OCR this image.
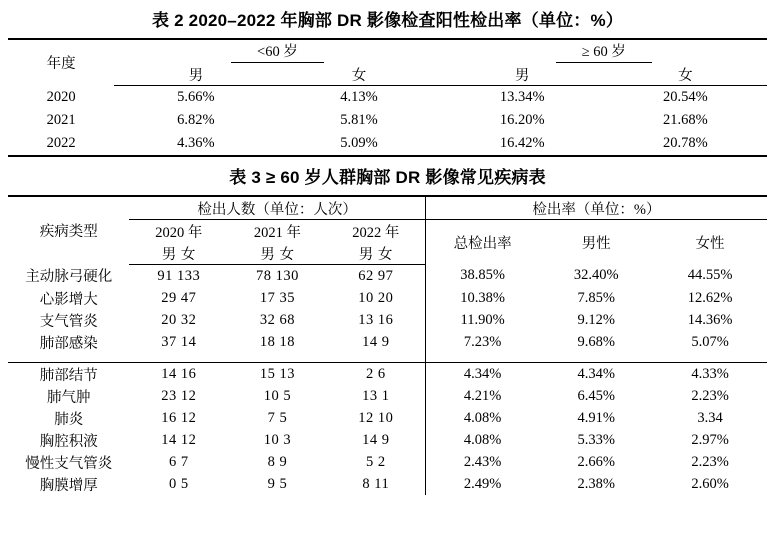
表 2 2020–2022 年胸部 DR 影像检查阳性检出率（单位：%）
年度	<60 岁		≥ 60 岁	
	男	女	男	女
2020	5.66%	4.13%	13.34%	20.54%
2021	6.82%	5.81%	16.20%	21.68%
2022	4.36%	5.09%	16.42%	20.78%
表 3 ≥ 60 岁人群胸部 DR 影像常见疾病表
疾病类型	检出人数（单位：人次）			检出率（单位：%）		
	2020 年	2021 年	2022 年	总检出率	男性	女性
	男 女	男 女	男 女			
主动脉弓硬化	91 133	78 130	62 97	38.85%	32.40%	44.55%
心影增大	29 47	17 35	10 20	10.38%	7.85%	12.62%
支气管炎	20 32	32 68	13 16	11.90%	9.12%	14.36%
肺部感染	37 14	18 18	14 9	7.23%	9.68%	5.07%

肺部结节	14 16	15 13	2 6	4.34%	4.34%	4.33%
肺气肿	23 12	10 5	13 1	4.21%	6.45%	2.23%
肺炎	16 12	7 5	12 10	4.08%	4.91%	3.34
胸腔积液	14 12	10 3	14 9	4.08%	5.33%	2.97%
慢性支气管炎	6 7	8 9	5 2	2.43%	2.66%	2.23%
胸膜增厚	0 5	9 5	8 11	2.49%	2.38%	2.60%
